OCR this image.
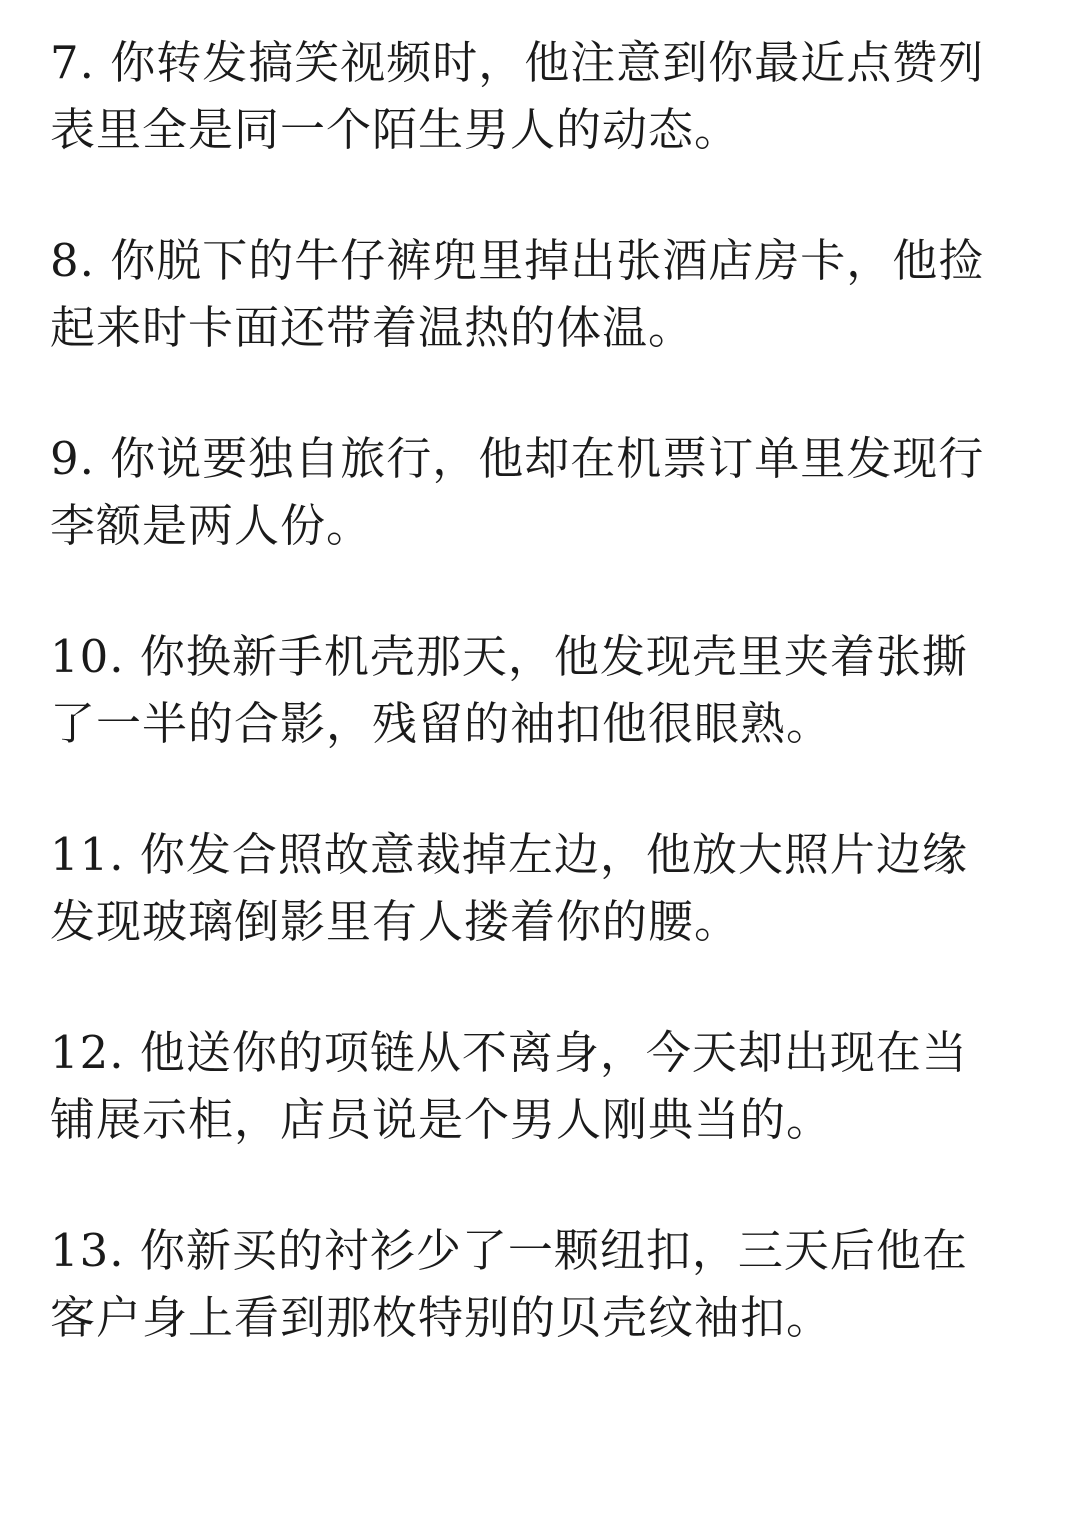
7. 你转发搞笑视频时，他注意到你最近点赞列
表里全是同一个陌生男人的动态。
8. 你脱下的牛仔裤兜里掉出张酒店房卡，他捡
起来时卡面还带着温热的体温。
9. 你说要独自旅行，他却在机票订单里发现行
李额是两人份。
10. 你换新手机壳那天，他发现壳里夹着张撕
了一半的合影，残留的袖扣他很眼熟。
11. 你发合照故意裁掉左边，他放大照片边缘
发现玻璃倒影里有人搂着你的腰。
12. 他送你的项链从不离身，今天却出现在当
铺展示柜，店员说是个男人刚典当的。
13. 你新买的衬衫少了一颗纽扣，三天后他在
客户身上看到那枚特别的贝壳纹袖扣。
